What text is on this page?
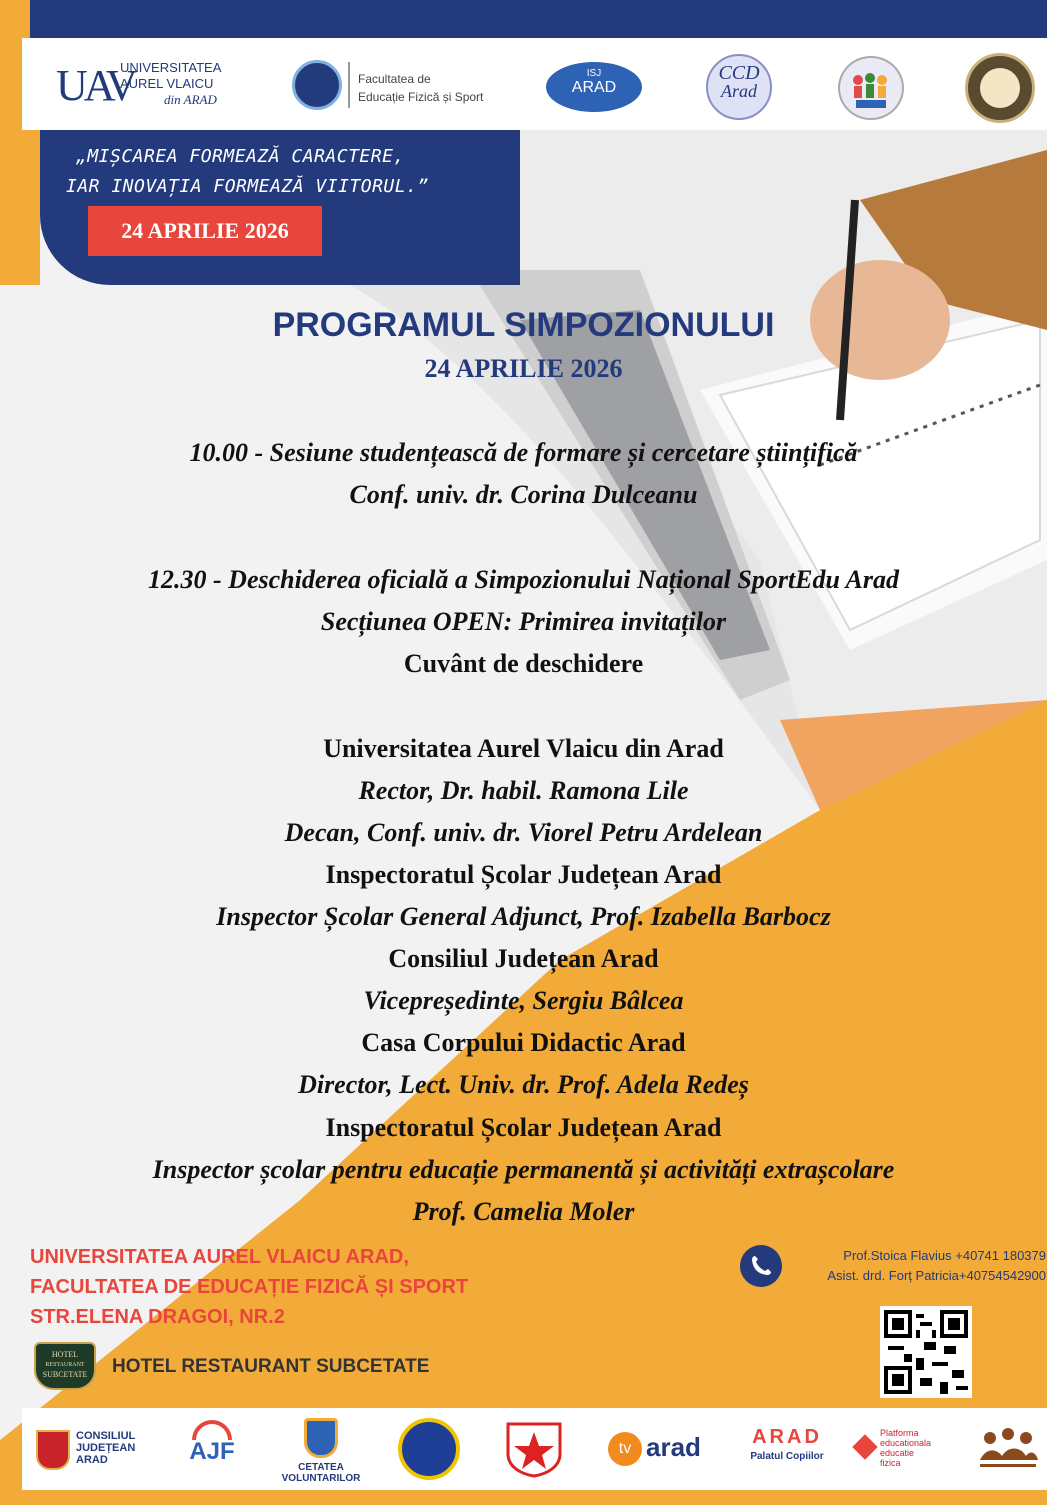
UAV
UNIVERSITATEA
AUREL VLAICU
din ARAD
Facultatea de
Educație Fizică și Sport
ISJ
ARAD
CCD
Arad
„MIȘCAREA FORMEAZĂ CARACTERE,
IAR INOVAȚIA FORMEAZĂ VIITORUL.”
24 APRILIE 2026
PROGRAMUL SIMPOZIONULUI
24 APRILIE 2026
10.00 - Sesiune studențească de formare și cercetare științifică
Conf. univ. dr. Corina Dulceanu
12.30 - Deschiderea oficială a Simpozionului Național SportEdu Arad
Secțiunea OPEN: Primirea invitaților
Cuvânt de deschidere
Universitatea Aurel Vlaicu din Arad
Rector, Dr. habil. Ramona Lile
Decan, Conf. univ. dr. Viorel Petru Ardelean
Inspectoratul Școlar Județean Arad
Inspector Școlar General Adjunct, Prof. Izabella Barbocz
Consiliul Județean Arad
Vicepreședinte, Sergiu Bâlcea
Casa Corpului Didactic Arad
Director, Lect. Univ. dr. Prof. Adela Redeș
Inspectoratul Școlar Județean Arad
Inspector școlar pentru educație permanentă și activități extrașcolare
Prof. Camelia Moler
UNIVERSITATEA AUREL VLAICU ARAD,
FACULTATEA DE EDUCAȚIE FIZICĂ ȘI SPORT
STR.ELENA DRAGOI, NR.2
HOTEL
RESTAURANT
SUBCETATE	HOTEL RESTAURANT SUBCETATE
Prof.Stoica Flavius +40741 180379
Asist. drd. Forț Patricia+40754542900
CONSILIUL
JUDEȚEAN
ARAD	AJF
CETATEA
VOLUNTARILOR
tv arad	ARAD
Palatul Copiilor
Platforma
educationala
educatie
fizica
